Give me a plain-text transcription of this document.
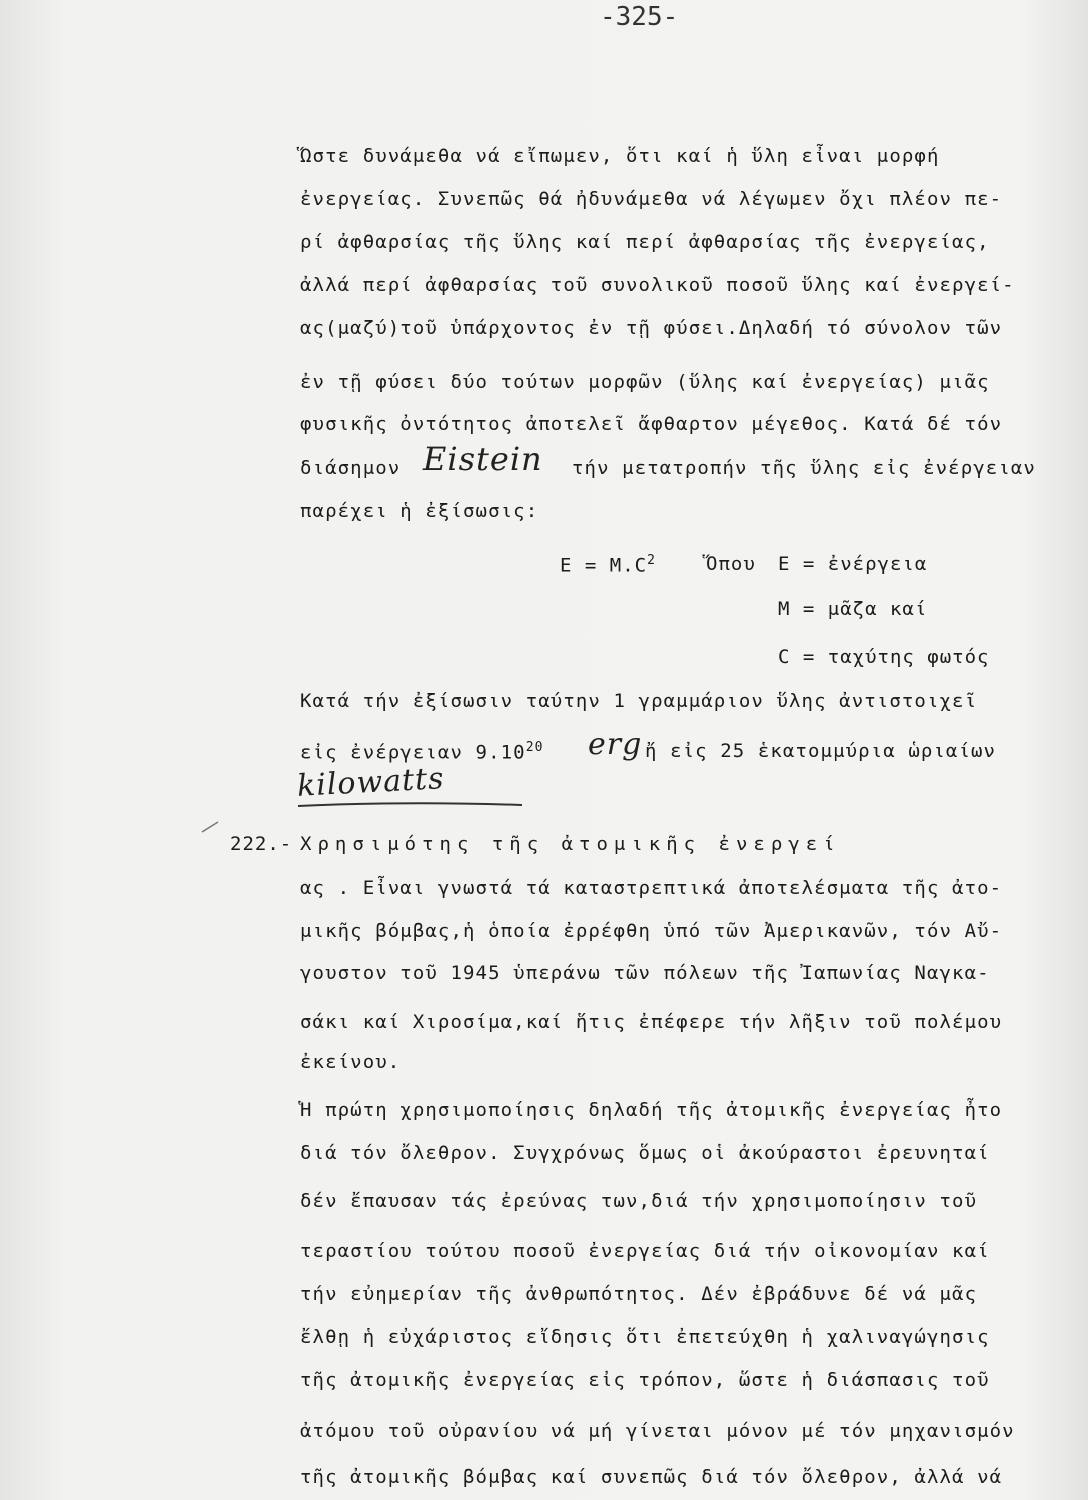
-325-
Ὥστε δυνάμεθα νά εἴπωμεν, ὅτι καί ἡ ὕλη εἶναι μορφή
ἐνεργείας. Συνεπῶς θά ἠδυνάμεθα νά λέγωμεν ὄχι πλέον πε-
ρί ἀφθαρσίας τῆς ὕλης καί περί ἀφθαρσίας τῆς ἐνεργείας,
ἀλλά περί ἀφθαρσίας τοῦ συνολικοῦ ποσοῦ ὕλης καί ἐνεργεί-
ας(μαζύ)τοῦ ὑπάρχοντος ἐν τῇ φύσει.Δηλαδή τό σύνολον τῶν
ἐν τῇ φύσει δύο τούτων μορφῶν (ὕλης καί ἐνεργείας) μιᾶς
φυσικῆς ὀντότητος ἀποτελεῖ ἄφθαρτον μέγεθος. Κατά δέ τόν
διάσημον Eistein τήν μετατροπήν τῆς ὕλης εἰς ἐνέργειαν
παρέχει ἡ ἐξίσωσις:
$E = M.C^2$	Ὅπου E = ἐνέργεια
M = μᾶζα καί
C = ταχύτης φωτός
Κατά τήν ἐξίσωσιν ταύτην 1 γραμμάριον ὕλης ἀντιστοιχεῖ
εἰς ἐνέργειαν 9.10$^{20}$ erg ἤ εἰς 25 ἑκατομμύρια ὡριαίων
kilowatts
222.- Χρησιμότης τῆς ἀτομικῆς ἐνεργεί
ας . Εἶναι γνωστά τά καταστρεπτικά ἀποτελέσματα τῆς ἀτο-
μικῆς βόμβας,ἡ ὁποία ἐρρέφθη ὑπό τῶν Ἀμερικανῶν, τόν Αὔ-
γουστον τοῦ 1945 ὑπεράνω τῶν πόλεων τῆς Ἰαπωνίας Ναγκα-
σάκι καί Χιροσίμα,καί ἥτις ἐπέφερε τήν λῆξιν τοῦ πολέμου
ἐκείνου.
Ἡ πρώτη χρησιμοποίησις δηλαδή τῆς ἀτομικῆς ἐνεργείας ἦτο
διά τόν ὄλεθρον. Συγχρόνως ὅμως οἱ ἀκούραστοι ἐρευνηταί
δέν ἔπαυσαν τάς ἐρεύνας των,διά τήν χρησιμοποίησιν τοῦ
τεραστίου τούτου ποσοῦ ἐνεργείας διά τήν οἰκονομίαν καί
τήν εὐημερίαν τῆς ἀνθρωπότητος. Δέν ἐβράδυνε δέ νά μᾶς
ἔλθῃ ἡ εὐχάριστος εἴδησις ὅτι ἐπετεύχθη ἡ χαλιναγώγησις
τῆς ἀτομικῆς ἐνεργείας εἰς τρόπον, ὥστε ἡ διάσπασις τοῦ
ἀτόμου τοῦ οὐρανίου νά μή γίνεται μόνον μέ τόν μηχανισμόν
τῆς ἀτομικῆς βόμβας καί συνεπῶς διά τόν ὄλεθρον, ἀλλά νά
